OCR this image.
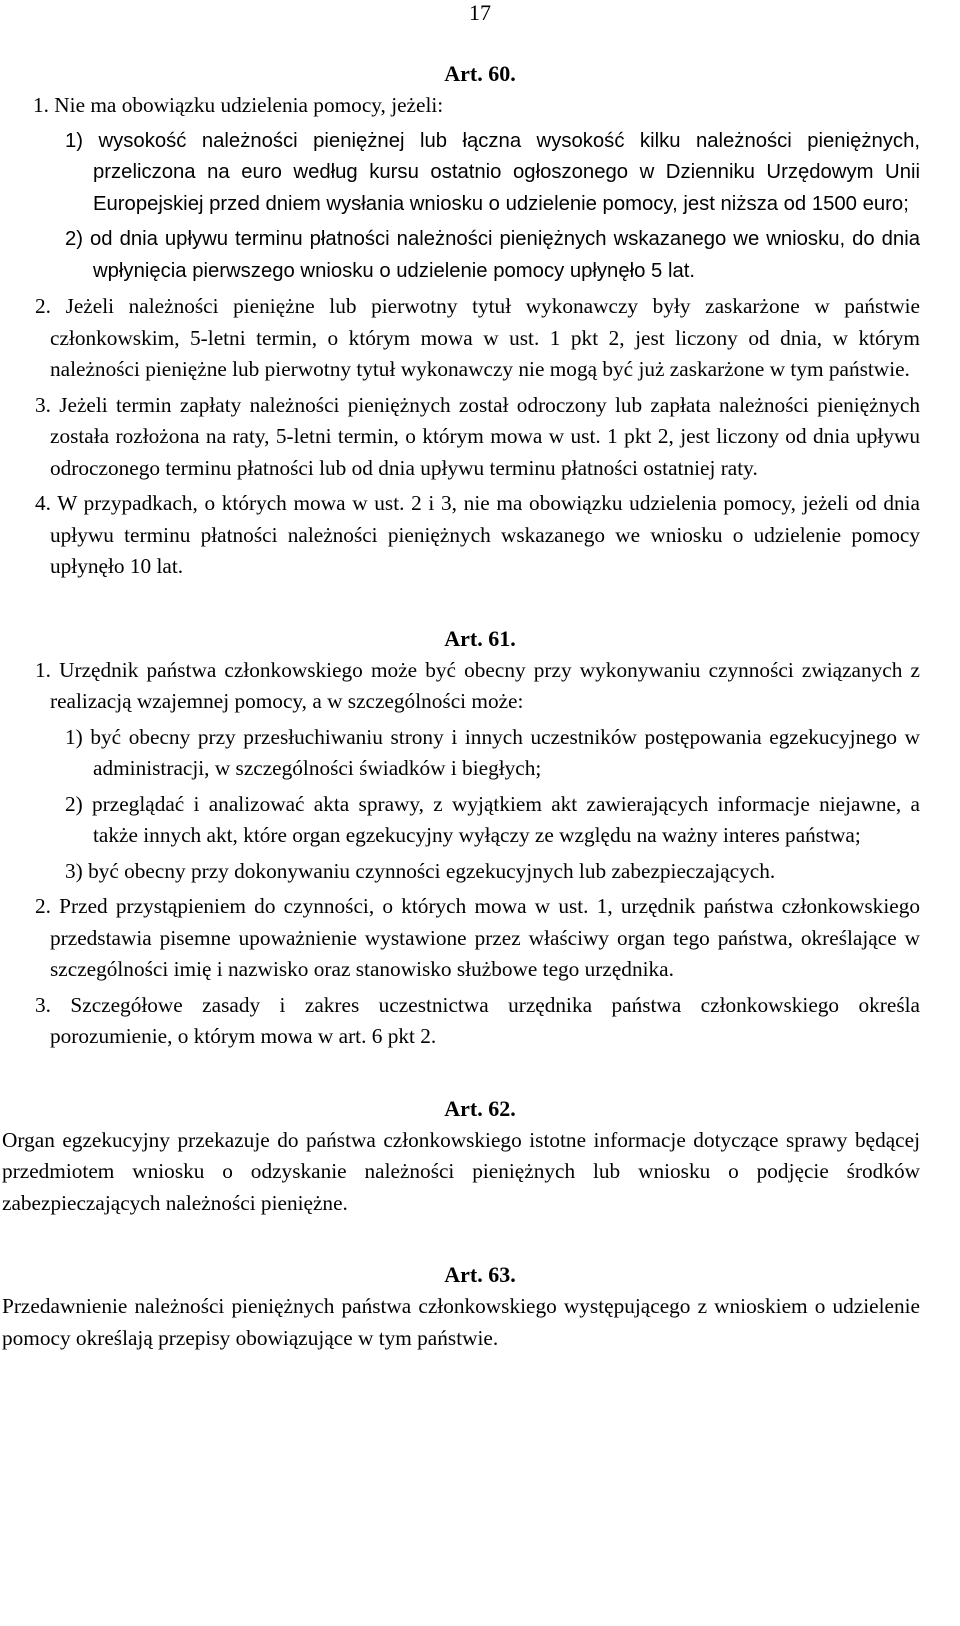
17
Art. 60.

1. Nie ma obowiązku udzielenia pomocy, jeżeli:

1) wysokość należności pieniężnej lub łączna wysokość kilku należności pieniężnych, przeliczona na euro według kursu ostatnio ogłoszonego w Dzienniku Urzędowym Unii Europejskiej przed dniem wysłania wniosku o udzielenie pomocy, jest niższa od 1500 euro;

2) od dnia upływu terminu płatności należności pieniężnych wskazanego we wniosku, do dnia wpłynięcia pierwszego wniosku o udzielenie pomocy upłynęło 5 lat.

2. Jeżeli należności pieniężne lub pierwotny tytuł wykonawczy były zaskarżone w państwie członkowskim, 5-letni termin, o którym mowa w ust. 1 pkt 2, jest liczony od dnia, w którym należności pieniężne lub pierwotny tytuł wykonawczy nie mogą być już zaskarżone w tym państwie.

3. Jeżeli termin zapłaty należności pieniężnych został odroczony lub zapłata należności pieniężnych została rozłożona na raty, 5-letni termin, o którym mowa w ust. 1 pkt 2, jest liczony od dnia upływu odroczonego terminu płatności lub od dnia upływu terminu płatności ostatniej raty.

4. W przypadkach, o których mowa w ust. 2 i 3, nie ma obowiązku udzielenia pomocy, jeżeli od dnia upływu terminu płatności należności pieniężnych wskazanego we wniosku o udzielenie pomocy upłynęło 10 lat.

Art. 61.

1. Urzędnik państwa członkowskiego może być obecny przy wykonywaniu czynności związanych z realizacją wzajemnej pomocy, a w szczególności może:

1) być obecny przy przesłuchiwaniu strony i innych uczestników postępowania egzekucyjnego w administracji, w szczególności świadków i biegłych;

2) przeglądać i analizować akta sprawy, z wyjątkiem akt zawierających informacje niejawne, a także innych akt, które organ egzekucyjny wyłączy ze względu na ważny interes państwa;

3) być obecny przy dokonywaniu czynności egzekucyjnych lub zabezpieczających.

2. Przed przystąpieniem do czynności, o których mowa w ust. 1, urzędnik państwa członkowskiego przedstawia pisemne upoważnienie wystawione przez właściwy organ tego państwa, określające w szczególności imię i nazwisko oraz stanowisko służbowe tego urzędnika.

3. Szczegółowe zasady i zakres uczestnictwa urzędnika państwa członkowskiego określa porozumienie, o którym mowa w art. 6 pkt 2.

Art. 62.

Organ egzekucyjny przekazuje do państwa członkowskiego istotne informacje dotyczące sprawy będącej przedmiotem wniosku o odzyskanie należności pieniężnych lub wniosku o podjęcie środków zabezpieczających należności pieniężne.

Art. 63.

Przedawnienie należności pieniężnych państwa członkowskiego występującego z wnioskiem o udzielenie pomocy określają przepisy obowiązujące w tym państwie.
